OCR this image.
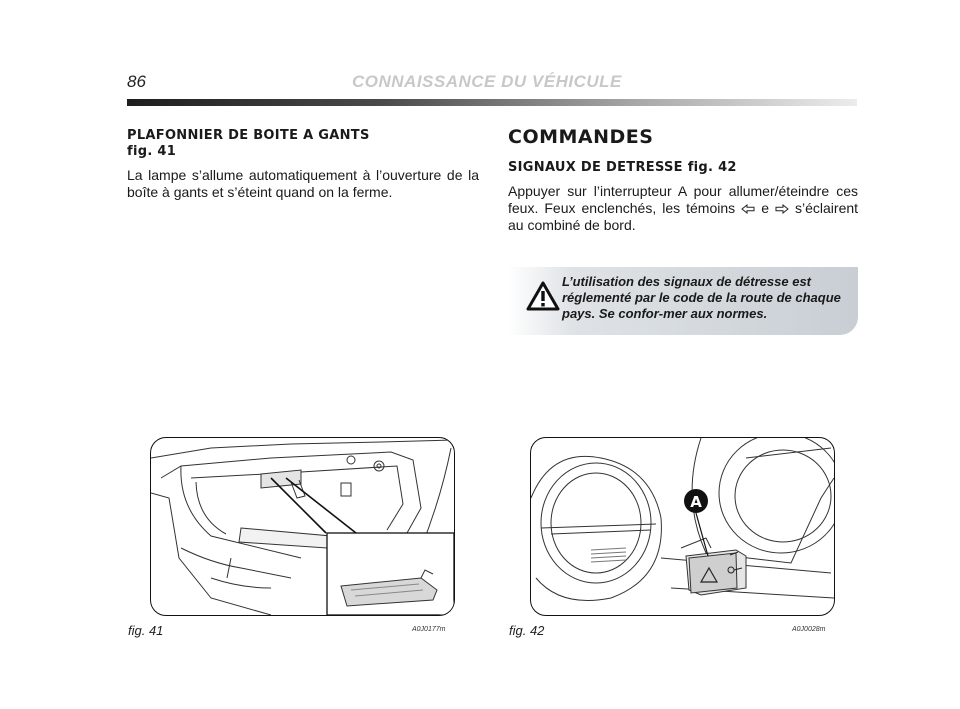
86	CONNAISSANCE DU VÉHICULE
PLAFONNIER DE BOITE A GANTS
fig. 41

La lampe s’allume automatiquement à l’ouverture de la boîte à gants et s’éteint quand on la ferme.

COMMANDES
SIGNAUX DE DETRESSE fig. 42

Appuyer sur l’interrupteur A pour allumer/éteindre ces feux. Feux enclenchés, les témoins e s’éclairent au combiné de bord.

L’utilisation des signaux de détresse est réglementé par le code de la route de chaque pays. Se confor-mer aux normes.
fig. 41	A0J0177m
A
fig. 42	A0J0028m
